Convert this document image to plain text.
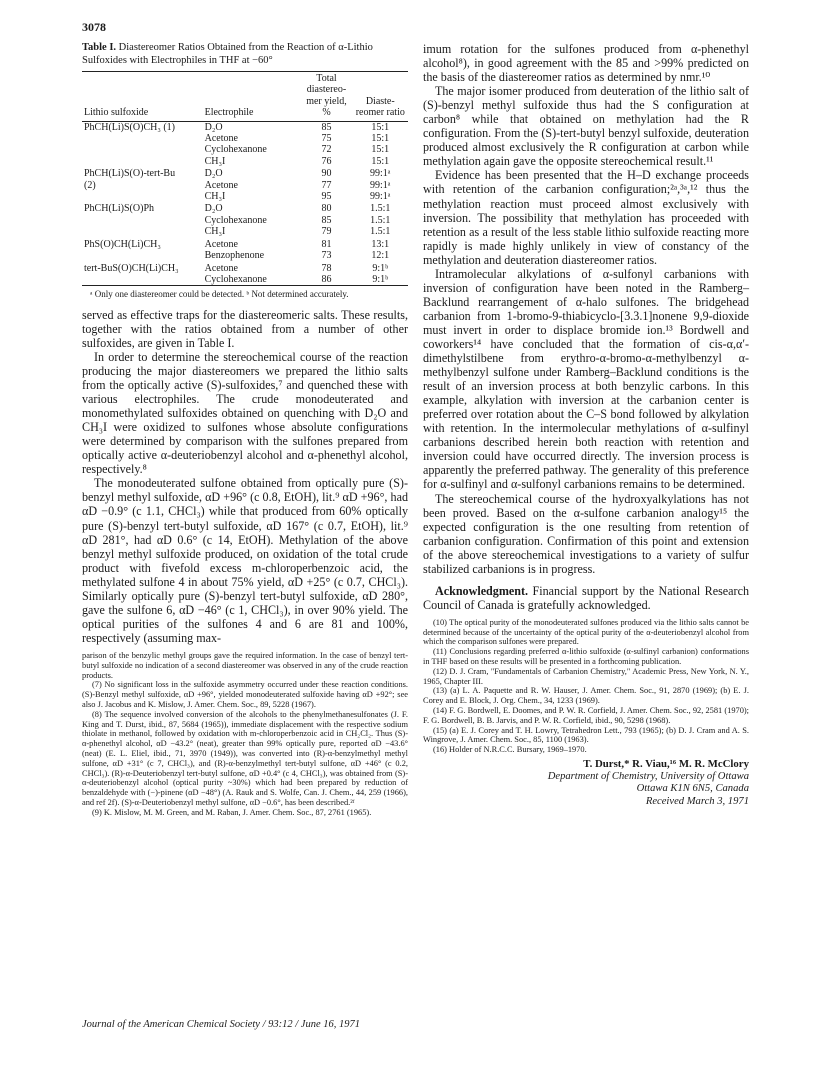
3078
Table I. Diastereomer Ratios Obtained from the Reaction of α-Lithio Sulfoxides with Electrophiles in THF at −60°
Lithio sulfoxide	Electrophile	Total diastereo-mer yield, %	Diaste-reomer ratio
PhCH(Li)S(O)CH₃ (1)	D₂O	85	15:1
	Acetone	75	15:1
	Cyclohexanone	72	15:1
	CH₃I	76	15:1
PhCH(Li)S(O)-tert-Bu	D₂O	90	99:1ᵃ
(2)	Acetone	77	99:1ᵃ
	CH₃I	95	99:1ᵃ
PhCH(Li)S(O)Ph	D₂O	80	1.5:1
	Cyclohexanone	85	1.5:1
	CH₃I	79	1.5:1
PhS(O)CH(Li)CH₃	Acetone	81	13:1
	Benzophenone	73	12:1
tert-BuS(O)CH(Li)CH₃	Acetone	78	9:1ᵇ
	Cyclohexanone	86	9:1ᵇ
ᵃ Only one diastereomer could be detected. ᵇ Not determined accurately.

served as effective traps for the diastereomeric salts. These results, together with the ratios obtained from a number of other sulfoxides, are given in Table I.

In order to determine the stereochemical course of the reaction producing the major diastereomers we prepared the lithio salts from the optically active (S)-sulfoxides,⁷ and quenched these with various electrophiles. The crude monodeuterated and monomethylated sulfoxides obtained on quenching with D₂O and CH₃I were oxidized to sulfones whose absolute configurations were determined by comparison with the sulfones prepared from optically active α-deuteriobenzyl alcohol and α-phenethyl alcohol, respectively.⁸

The monodeuterated sulfone obtained from optically pure (S)-benzyl methyl sulfoxide, αD +96° (c 0.8, EtOH), lit.⁹ αD +96°, had αD −0.9° (c 1.1, CHCl₃) while that produced from 60% optically pure (S)-benzyl tert-butyl sulfoxide, αD 167° (c 0.7, EtOH), lit.⁹ αD 281°, had αD 0.6° (c 14, EtOH). Methylation of the above benzyl methyl sulfoxide produced, on oxidation of the total crude product with fivefold excess m-chloroperbenzoic acid, the methylated sulfone 4 in about 75% yield, αD +25° (c 0.7, CHCl₃). Similarly optically pure (S)-benzyl tert-butyl sulfoxide, αD 280°, gave the sulfone 6, αD −46° (c 1, CHCl₃), in over 90% yield. The optical purities of the sulfones 4 and 6 are 81 and 100%, respectively (assuming max-

parison of the benzylic methyl groups gave the required information. In the case of benzyl tert-butyl sulfoxide no indication of a second diastereomer was observed in any of the crude reaction products.

(7) No significant loss in the sulfoxide asymmetry occurred under these reaction conditions. (S)-Benzyl methyl sulfoxide, αD +96°, yielded monodeuterated sulfoxide having αD +92°; see also J. Jacobus and K. Mislow, J. Amer. Chem. Soc., 89, 5228 (1967).

(8) The sequence involved conversion of the alcohols to the phenylmethanesulfonates (J. F. King and T. Durst, ibid., 87, 5684 (1965)), immediate displacement with the respective sodium thiolate in methanol, followed by oxidation with m-chloroperbenzoic acid in CH₂Cl₂. Thus (S)-α-phenethyl alcohol, αD −43.2° (neat), greater than 99% optically pure, reported αD −43.6° (neat) (E. L. Eliel, ibid., 71, 3970 (1949)), was converted into (R)-α-benzylmethyl methyl sulfone, αD +31° (c 7, CHCl₃), and (R)-α-benzylmethyl tert-butyl sulfone, αD +46° (c 0.2, CHCl₃). (R)-α-Deuteriobenzyl tert-butyl sulfone, αD +0.4° (c 4, CHCl₃), was obtained from (S)-α-deuteriobenzyl alcohol (optical purity ~30%) which had been prepared by reduction of benzaldehyde with (−)-pinene (αD −48°) (A. Rauk and S. Wolfe, Can. J. Chem., 44, 259 (1966), and ref 2f). (S)-α-Deuteriobenzyl methyl sulfone, αD −0.6°, has been described.²ᶠ

(9) K. Mislow, M. M. Green, and M. Raban, J. Amer. Chem. Soc., 87, 2761 (1965).

imum rotation for the sulfones produced from α-phenethyl alcohol⁸), in good agreement with the 85 and >99% predicted on the basis of the diastereomer ratios as determined by nmr.¹⁰

The major isomer produced from deuteration of the lithio salt of (S)-benzyl methyl sulfoxide thus had the S configuration at carbon⁸ while that obtained on methylation had the R configuration. From the (S)-tert-butyl benzyl sulfoxide, deuteration produced almost exclusively the R configuration at carbon while methylation again gave the opposite stereochemical result.¹¹

Evidence has been presented that the H–D exchange proceeds with retention of the carbanion configuration;²ᵃ,³ᵃ,¹² thus the methylation reaction must proceed almost exclusively with inversion. The possibility that methylation has proceeded with retention as a result of the less stable lithio sulfoxide reacting more rapidly is made highly unlikely in view of constancy of the methylation and deuteration diastereomer ratios.

Intramolecular alkylations of α-sulfonyl carbanions with inversion of configuration have been noted in the Ramberg–Backlund rearrangement of α-halo sulfones. The bridgehead carbanion from 1-bromo-9-thiabicyclo-[3.3.1]nonene 9,9-dioxide must invert in order to displace bromide ion.¹³ Bordwell and coworkers¹⁴ have concluded that the formation of cis-α,α′-dimethylstilbene from erythro-α-bromo-α-methylbenzyl α-methylbenzyl sulfone under Ramberg–Backlund conditions is the result of an inversion process at both benzylic carbons. In this example, alkylation with inversion at the carbanion center is preferred over rotation about the C–S bond followed by alkylation with retention. In the intermolecular methylations of α-sulfinyl carbanions described herein both reaction with retention and inversion could have occurred directly. The inversion process is apparently the preferred pathway. The generality of this preference for α-sulfinyl and α-sulfonyl carbanions remains to be determined.

The stereochemical course of the hydroxyalkylations has not been proved. Based on the α-sulfone carbanion analogy¹⁵ the expected configuration is the one resulting from retention of carbanion configuration. Confirmation of this point and extension of the above stereochemical investigations to a variety of sulfur stabilized carbanions is in progress.

Acknowledgment. Financial support by the National Research Council of Canada is gratefully acknowledged.

(10) The optical purity of the monodeuterated sulfones produced via the lithio salts cannot be determined because of the uncertainty of the optical purity of the α-deuteriobenzyl alcohol from which the comparison sulfones were prepared.

(11) Conclusions regarding preferred α-lithio sulfoxide (α-sulfinyl carbanion) conformations in THF based on these results will be presented in a forthcoming publication.

(12) D. J. Cram, "Fundamentals of Carbanion Chemistry," Academic Press, New York, N. Y., 1965, Chapter III.

(13) (a) L. A. Paquette and R. W. Hauser, J. Amer. Chem. Soc., 91, 2870 (1969); (b) E. J. Corey and E. Block, J. Org. Chem., 34, 1233 (1969).

(14) F. G. Bordwell, E. Doomes, and P. W. R. Corfield, J. Amer. Chem. Soc., 92, 2581 (1970); F. G. Bordwell, B. B. Jarvis, and P. W. R. Corfield, ibid., 90, 5298 (1968).

(15) (a) E. J. Corey and T. H. Lowry, Tetrahedron Lett., 793 (1965); (b) D. J. Cram and A. S. Wingrove, J. Amer. Chem. Soc., 85, 1100 (1963).

(16) Holder of N.R.C.C. Bursary, 1969–1970.

T. Durst,* R. Viau,¹⁶ M. R. McClory
Department of Chemistry, University of Ottawa
Ottawa K1N 6N5, Canada
Received March 3, 1971
Journal of the American Chemical Society / 93:12 / June 16, 1971
